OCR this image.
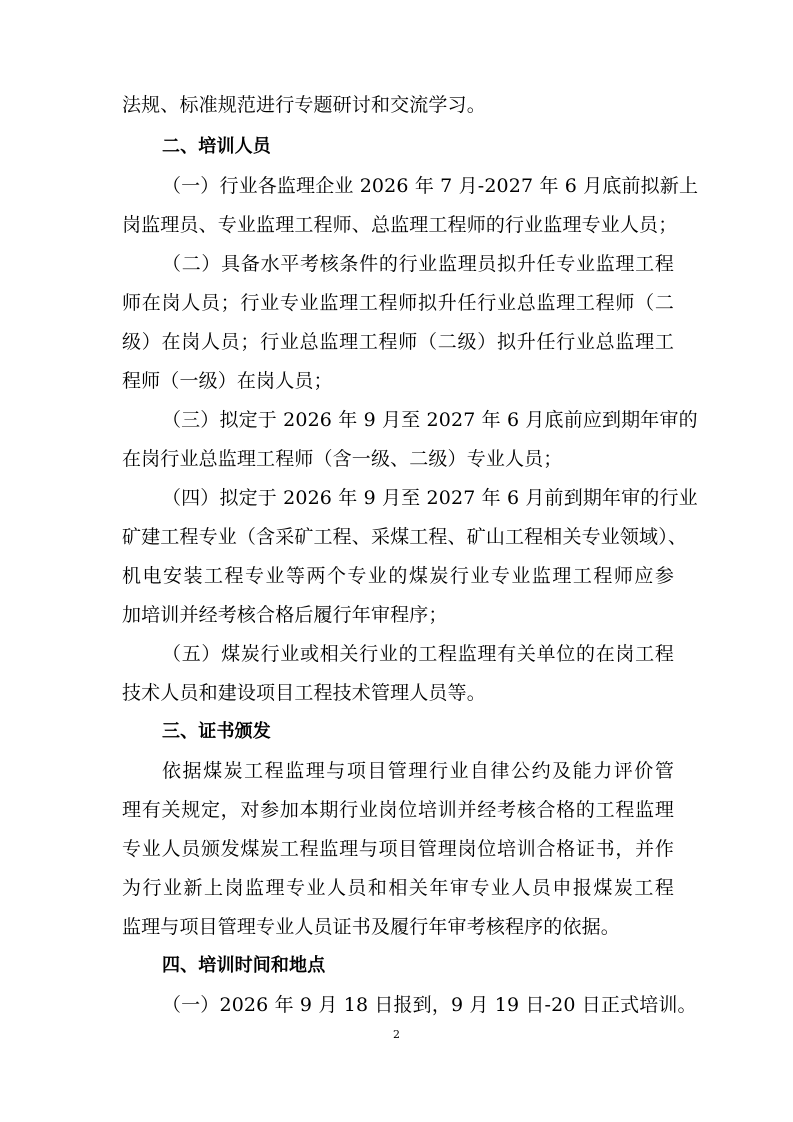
法规、标准规范进行专题研讨和交流学习。
二、培训人员
（一）行业各监理企业 2026 年 7 月-2027 年 6 月底前拟新上
岗监理员、专业监理工程师、总监理工程师的行业监理专业人员；
（二）具备水平考核条件的行业监理员拟升任专业监理工程
师在岗人员；行业专业监理工程师拟升任行业总监理工程师（二
级）在岗人员；行业总监理工程师（二级）拟升任行业总监理工
程师（一级）在岗人员；
（三）拟定于 2026 年 9 月至 2027 年 6 月底前应到期年审的
在岗行业总监理工程师（含一级、二级）专业人员；
（四）拟定于 2026 年 9 月至 2027 年 6 月前到期年审的行业
矿建工程专业（含采矿工程、采煤工程、矿山工程相关专业领域）、
机电安装工程专业等两个专业的煤炭行业专业监理工程师应参
加培训并经考核合格后履行年审程序；
（五）煤炭行业或相关行业的工程监理有关单位的在岗工程
技术人员和建设项目工程技术管理人员等。
三、证书颁发
依据煤炭工程监理与项目管理行业自律公约及能力评价管
理有关规定，对参加本期行业岗位培训并经考核合格的工程监理
专业人员颁发煤炭工程监理与项目管理岗位培训合格证书，并作
为行业新上岗监理专业人员和相关年审专业人员申报煤炭工程
监理与项目管理专业人员证书及履行年审考核程序的依据。
四、培训时间和地点
（一）2026 年 9 月 18 日报到，9 月 19 日-20 日正式培训。
2
